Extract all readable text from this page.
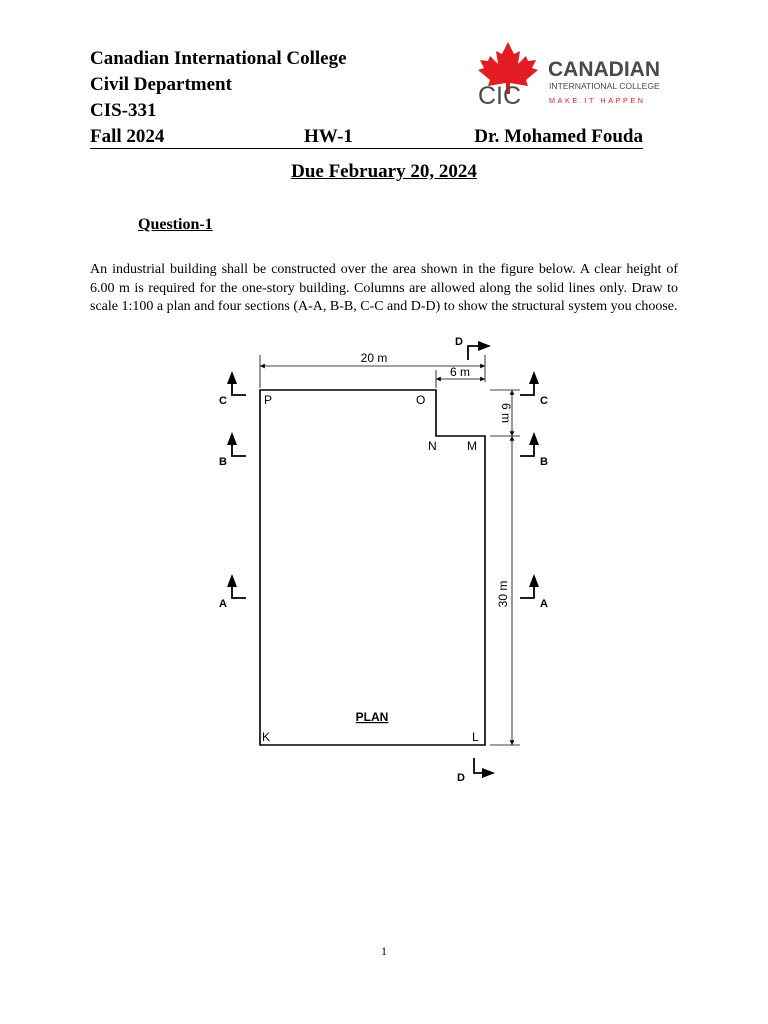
Canadian International College
Civil Department
CIS-331
Fall 2024	HW-1	Dr. Mohamed Fouda
CIC
CANADIAN
INTERNATIONAL COLLEGE
MAKE IT HAPPEN
Due February 20, 2024
Question-1
An industrial building shall be constructed over the area shown in the figure below. A clear height of 6.00 m is required for the one-story building. Columns are allowed along the solid lines only. Draw to scale 1:100 a plan and four sections (A-A, B-B, C-C and D-D) to show the structural system you choose.
20 m
6 m
6 m
30 m
P	O
N	M
K	L
PLAN
C
B
A
C
B
A
D
D
1
